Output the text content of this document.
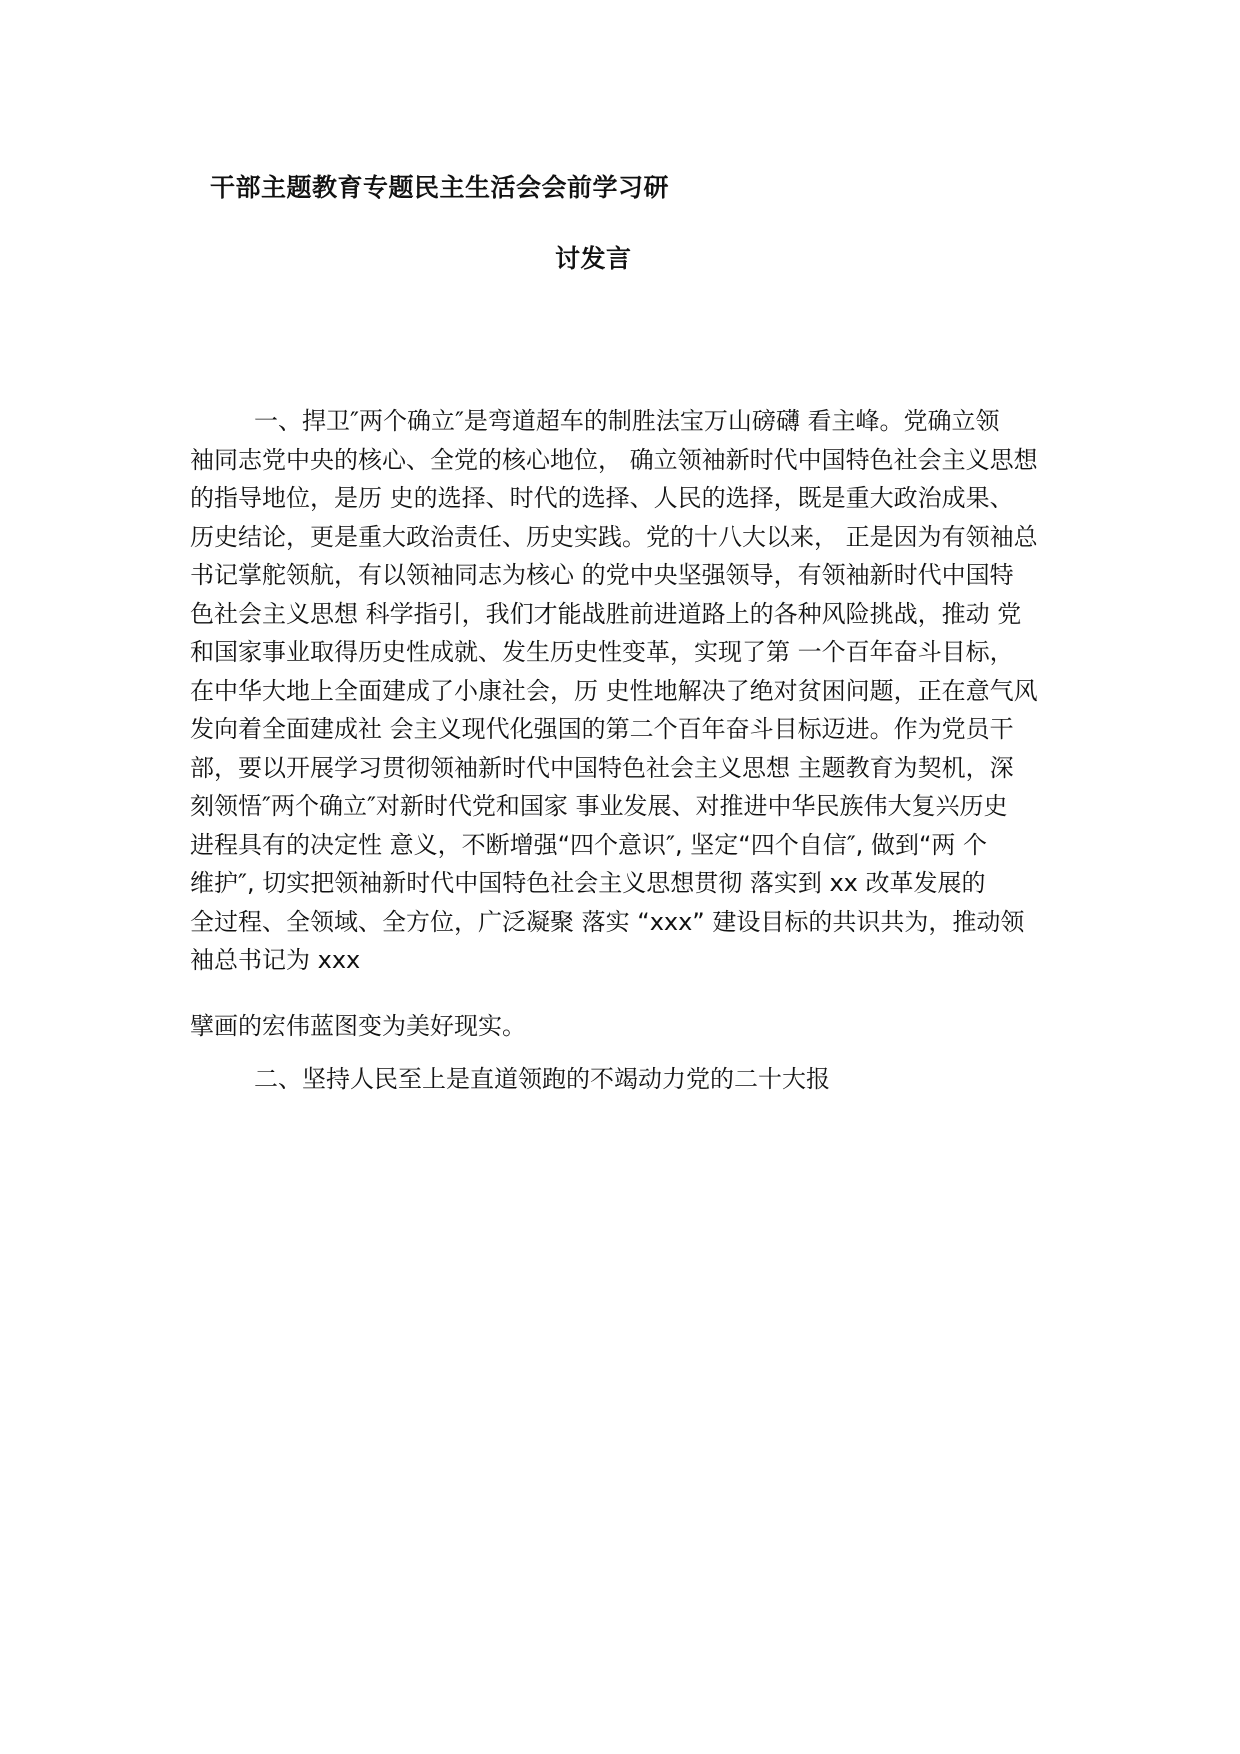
干部主题教育专题民主生活会会前学习研
讨发言
一、捍卫″两个确立″是弯道超车的制胜法宝万山磅礴 看主峰。党确立领
袖同志党中央的核心、全党的核心地位， 确立领袖新时代中国特色社会主义思想
的指导地位，是历 史的选择、时代的选择、人民的选择，既是重大政治成果、
历史结论，更是重大政治责任、历史实践。党的十八大以来， 正是因为有领袖总
书记掌舵领航，有以领袖同志为核心 的党中央坚强领导，有领袖新时代中国特
色社会主义思想 科学指引，我们才能战胜前进道路上的各种风险挑战，推动 党
和国家事业取得历史性成就、发生历史性变革，实现了第 一个百年奋斗目标，
在中华大地上全面建成了小康社会，历 史性地解决了绝对贫困问题，正在意气风
发向着全面建成社 会主义现代化强国的第二个百年奋斗目标迈进。作为党员干
部，要以开展学习贯彻领袖新时代中国特色社会主义思想 主题教育为契机，深
刻领悟″两个确立″对新时代党和国家 事业发展、对推进中华民族伟大复兴历史
进程具有的决定性 意义，不断增强“四个意识″, 坚定“四个自信″, 做到“两 个
维护″, 切实把领袖新时代中国特色社会主义思想贯彻 落实到 xx 改革发展的
全过程、全领域、全方位，广泛凝聚 落实 “xxx” 建设目标的共识共为，推动领
袖总书记为 xxx
擘画的宏伟蓝图变为美好现实。
二、坚持人民至上是直道领跑的不竭动力党的二十大报
